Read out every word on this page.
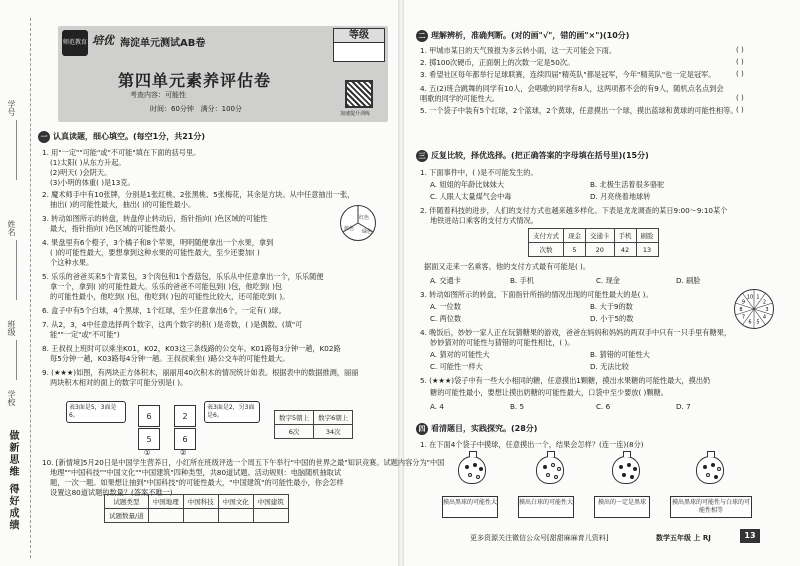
学号
姓名
班级
学校
做新思维 得好成绩
师范教育 培优 海淀单元测试AB卷
等级
第四单元素养评估卷
考查内容：可能性
时间：60分钟 满分：100分
加速提升训练
一 认真读题，细心填空。(每空1分，共21分)
1. 用"一定""可能"或"不可能"填在下面的括号里。
(1)太阳( )从东方升起。
(2)明天( )会阴天。
(3)小明的体重( )是13克。
2. 魔术师手中有10张牌，分别是1张红桃、2张黑桃、5张梅花，其余是方块。从中任意抽出一张，
抽出( )的可能性最大，抽出( )的可能性最小。
3. 转动如图所示的转盘，转盘停止转动后，指针指向( )色区域的可能性
最大，指针指向( )色区域的可能性最小。
4. 果盘里有6个橙子，3个橘子和8个苹果，明明随便拿出一个水果，拿到
( )的可能性最大，要想拿到这种水果的可能性最大，至少还要加( )
个这种水果。
5. 乐乐的爸爸买来5个青菜包，3个肉包和1个香菇包，乐乐从中任意拿出一个，乐乐随便
拿一个，拿到( )的可能性最大。乐乐的爸爸不可能包到( )包，他吃到( )包
的可能性最小，他吃到( )包，他吃到( )包的可能性比较大，还可能吃到( )。
6. 盒子中有5个白球，4个黑球，1个红球，至少任意拿出6个，一定有( )球。
7. 从2，3，4中任意选择两个数字，这两个数字的积( )是奇数，( )是偶数。(填"可
能""一定"或"不可能")
8. 王叔叔上班时可以乘坐K01，K02，K03这三条线路的公交车。K01路每3分钟一趟，K02路
每5分钟一趟，K03路每4分钟一趟。王叔叔乘坐( )路公交车的可能性最大。
9. (★★★)如图，有两块正方体积木，丽丽用40次积木的情况统计如表。根据表中的数据推测，丽丽
两块积木相对的面上的数字可能分别是( )。
10. [新情境]5月20日是中国学生营养日，小红所在班级评选一个周五下午举行"中国的世界之最"知识竞赛。试题内容分为"中国
地理""中国科技""中国文化""中国建筑"四种类型，共80道试题。活动规则：电脑随机抽取试
题，一次一题。如果想让抽到"中国科技"的可能性最大，"中国建筑"的可能性最小，你会怎样
设置这80道试题的数量？(答案不唯一)
红色
蓝色 绿色
表3面是5，3面是6。	6
5
①
2
6
②
表3面是2，另3面是6。	数字5朝上	数字6朝上
6次	34次
试题类型	中国地理	中国科技	中国文化	中国建筑
试题数量/道				
二 理解辨析，准确判断。(对的画"√"，错的画"×")(10分)
1. 甲城市某日的天气预报为多云转小雨，这一天可能会下雨。
2. 掷100次硬币，正面朝上的次数一定是50次。
3. 希望社区每年都举行足球联赛，连续四届"精英队"都是冠军，今年"精英队"也一定是冠军。
4. 五(2)班合跳舞的同学有10人，会唱歌的同学有8人，这两项都不会的有9人，随机点名点到会
唱歌的同学的可能性大。
5. 一个袋子中装有5个红球，2个蓝球，2个黄球，任意摸出一个球，摸出蓝球和黄球的可能性相等。
( )
( )
( )
( )
( )
三 反复比较，择优选择。(把正确答案的字母填在括号里)(15分)
1. 下面事件中，( )是不可能发生的。
A. 姐姐的年龄比妹妹大	B. 北极生活着很多骆驼
C. 人眼人太量煤气会中毒	D. 月亮绕着地球转
2. 伴随着科技的进步，人们的支付方式也越来越多样化。下表是龙龙调查的某日9:00～9:10某个
地铁进站口乘客的支付方式情况。
据面又走来一名乘客，他的支付方式最有可能是( )。
A. 交通卡	B. 手机	C. 现金	D. 刷脸
3. 转动如图所示的转盘，下面指针所指的情况出现的可能性最大的是( )。
A. 一位数	B. 大于9的数
C. 两位数	D. 小于5的数
4. 晚饭后，妙妙一家人正在玩猜糖果的游戏，爸爸在妈妈和妈妈的两双手中只有一只手里有糖果，
妙妙猜对的可能性与猜错的可能性相比，( )。
A. 猜对的可能性大	B. 猜错的可能性大
C. 可能性一样大	D. 无法比较
5. (★★★)袋子中有一些大小相同的糖，任意摸出1颗糖，摸出水果糖的可能性最大，摸出奶
糖的可能性最小，要想让摸出奶糖的可能性最大，口袋中至少要放( )颗糖。
A. 4	B. 5	C. 6	D. 7
支付方式	现金	交通卡	手机	刷脸
次数	5	20	42	13
1
2
3
4
5
6
7
8
9
10
四 看清题目，实践探究。(28分)
1. 在下面4个袋子中摸球，任意摸出一个，结果会怎样？(连一连)(8分)
摸出黑球的可能性大	摸出白球的可能性大	摸出的一定是黑球	摸出黑球的可能性与白球的可能性相等
更多资源关注微信公众号[甜甜麻麻育儿资料]	数学五年级 上 RJ	13
